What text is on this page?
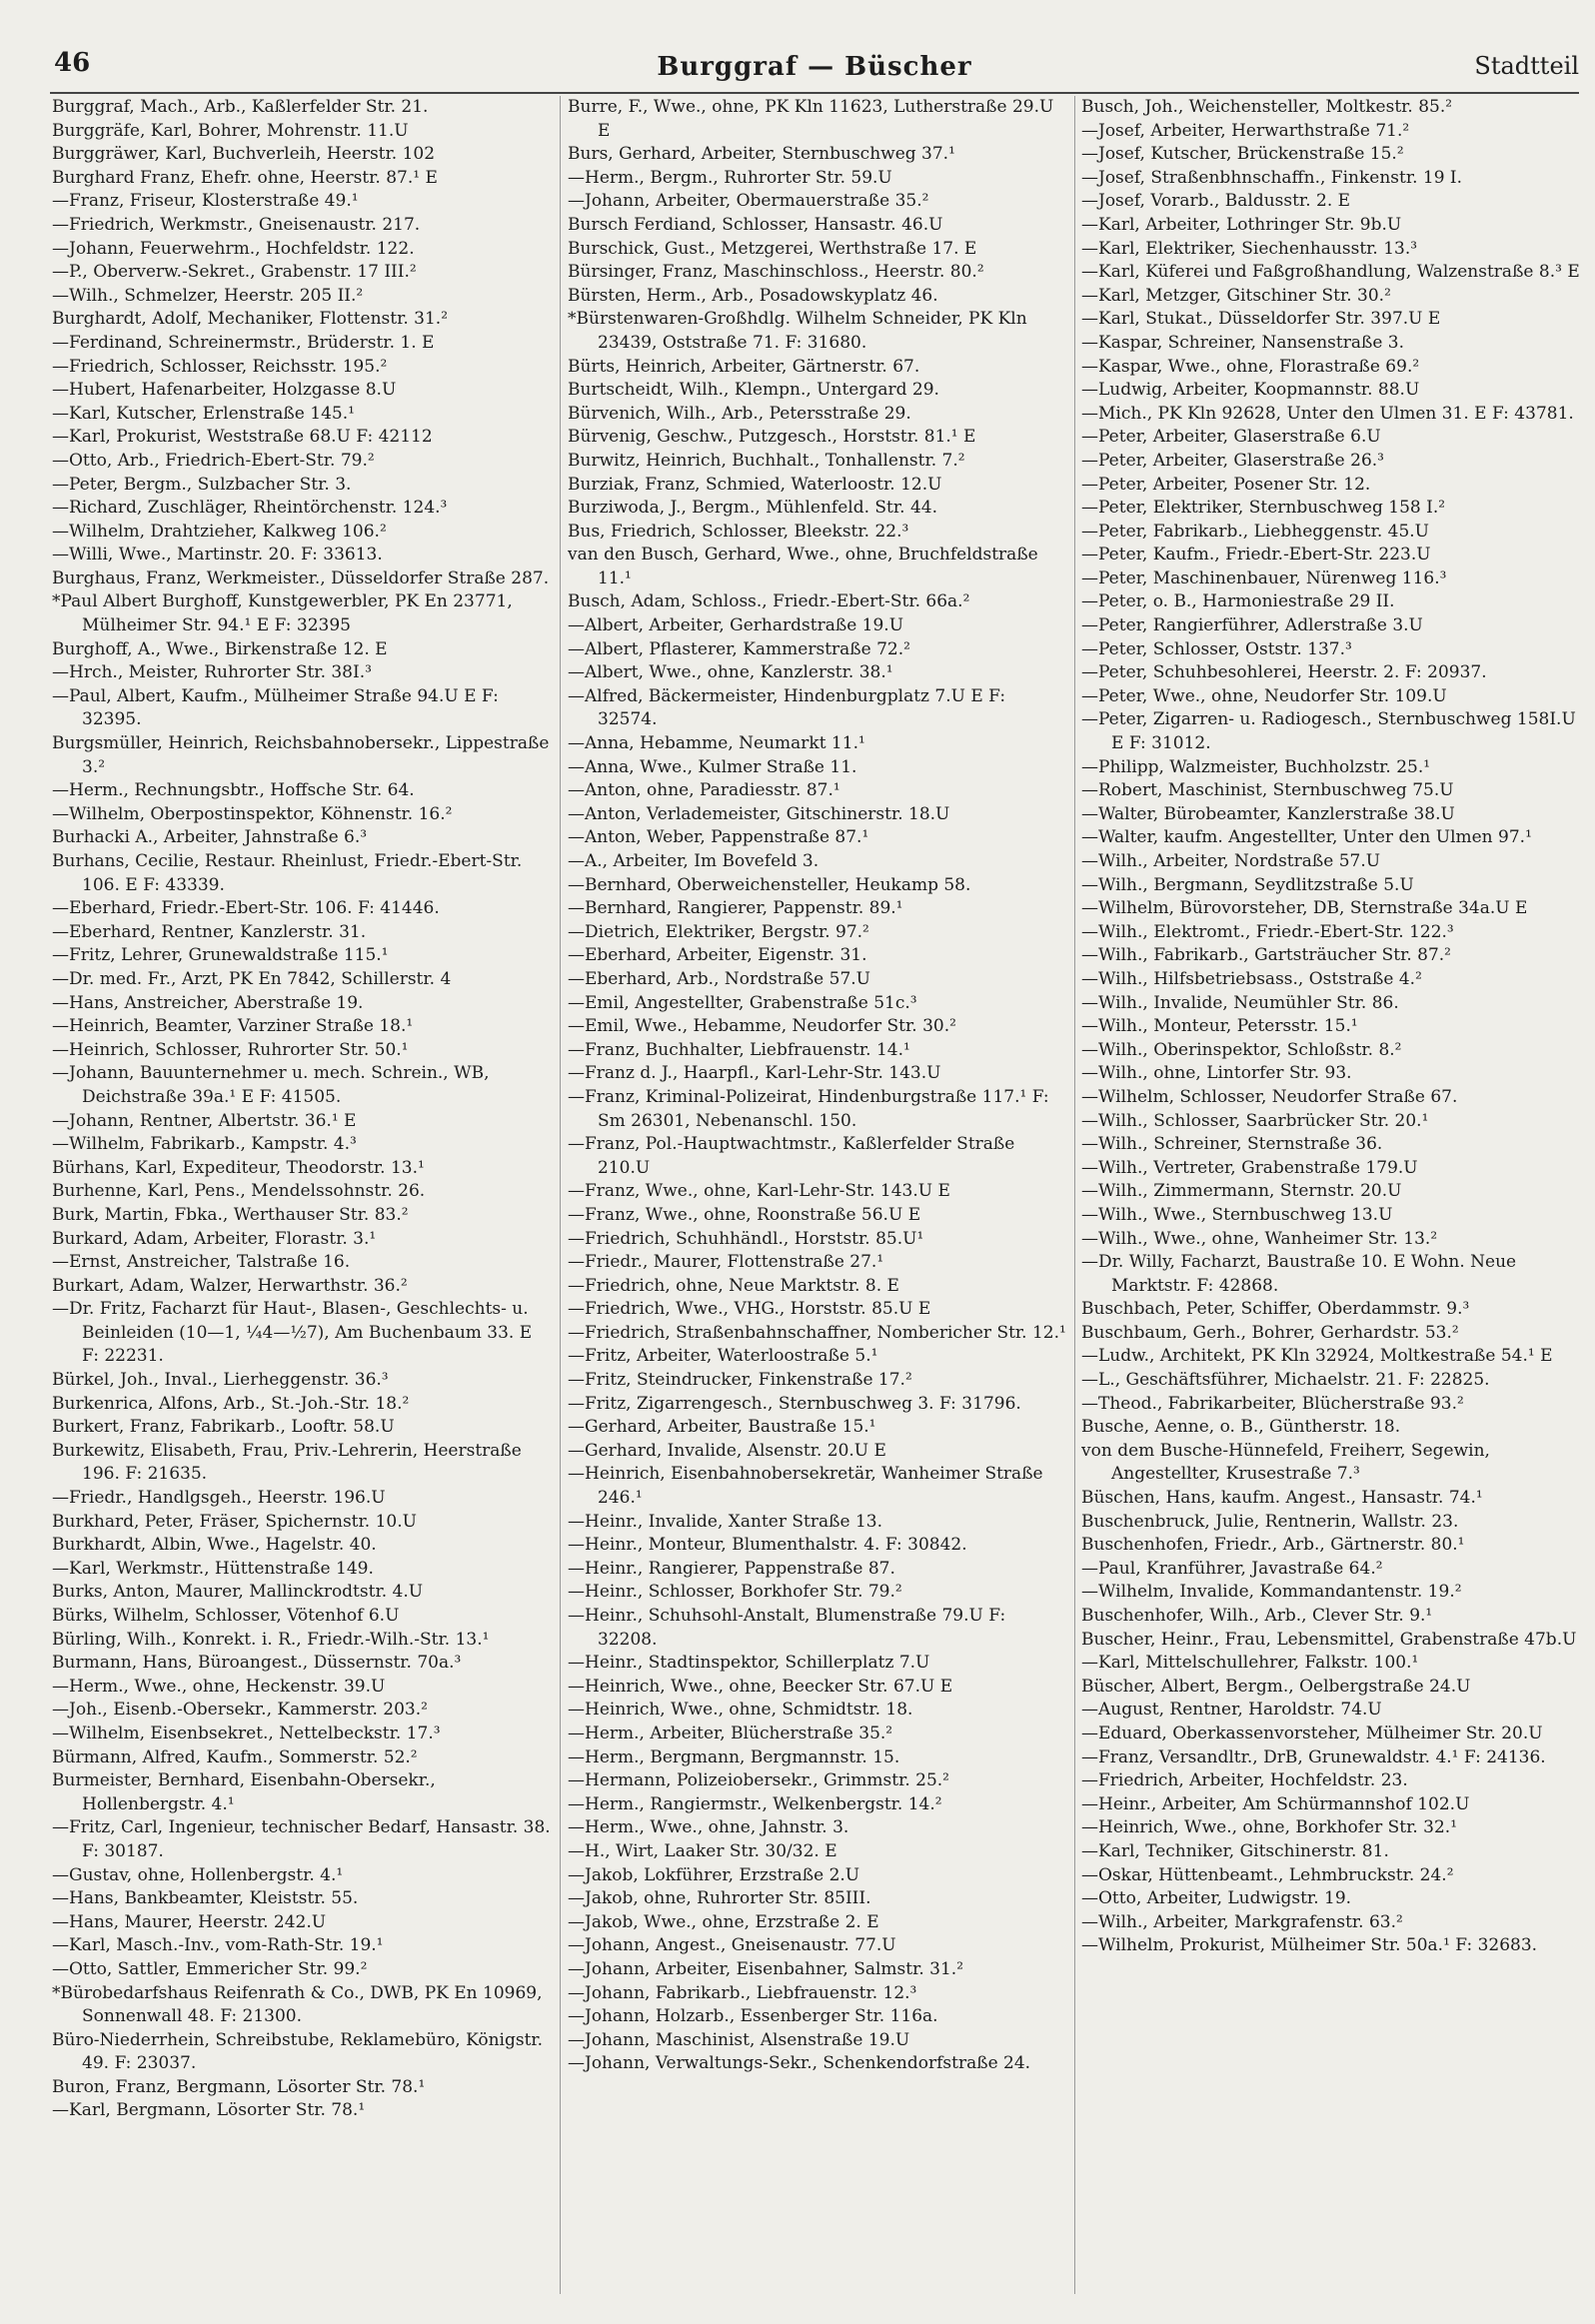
46	Burggraf — Büscher	Stadtteil

Burggraf, Mach., Arb., Kaßlerfelder Str. 21.

Burggräfe, Karl, Bohrer, Mohrenstr. 11.U

Burggräwer, Karl, Buchverleih, Heerstr. 102

Burghard Franz, Ehefr. ohne, Heerstr. 87.¹ E

—Franz, Friseur, Klosterstraße 49.¹

—Friedrich, Werkmstr., Gneisenaustr. 217.

—Johann, Feuerwehrm., Hochfeldstr. 122.

—P., Oberverw.-Sekret., Grabenstr. 17 III.²

—Wilh., Schmelzer, Heerstr. 205 II.²

Burghardt, Adolf, Mechaniker, Flottenstr. 31.²

—Ferdinand, Schreinermstr., Brüderstr. 1. E

—Friedrich, Schlosser, Reichsstr. 195.²

—Hubert, Hafenarbeiter, Holzgasse 8.U

—Karl, Kutscher, Erlenstraße 145.¹

—Karl, Prokurist, Weststraße 68.U F: 42112

—Otto, Arb., Friedrich-Ebert-Str. 79.²

—Peter, Bergm., Sulzbacher Str. 3.

—Richard, Zuschläger, Rheintörchenstr. 124.³

—Wilhelm, Drahtzieher, Kalkweg 106.²

—Willi, Wwe., Martinstr. 20. F: 33613.

Burghaus, Franz, Werkmeister., Düsseldorfer Straße 287.

*Paul Albert Burghoff, Kunstgewerbler, PK En 23771, Mülheimer Str. 94.¹ E F: 32395

Burghoff, A., Wwe., Birkenstraße 12. E

—Hrch., Meister, Ruhrorter Str. 38I.³

—Paul, Albert, Kaufm., Mülheimer Straße 94.U E F: 32395.

Burgsmüller, Heinrich, Reichsbahnobersekr., Lippestraße 3.²

—Herm., Rechnungsbtr., Hoffsche Str. 64.

—Wilhelm, Oberpostinspektor, Köhnenstr. 16.²

Burhacki A., Arbeiter, Jahnstraße 6.³

Burhans, Cecilie, Restaur. Rheinlust, Friedr.-Ebert-Str. 106. E F: 43339.

—Eberhard, Friedr.-Ebert-Str. 106. F: 41446.

—Eberhard, Rentner, Kanzlerstr. 31.

—Fritz, Lehrer, Grunewaldstraße 115.¹

—Dr. med. Fr., Arzt, PK En 7842, Schillerstr. 4

—Hans, Anstreicher, Aberstraße 19.

—Heinrich, Beamter, Varziner Straße 18.¹

—Heinrich, Schlosser, Ruhrorter Str. 50.¹

—Johann, Bauunternehmer u. mech. Schrein., WB, Deichstraße 39a.¹ E F: 41505.

—Johann, Rentner, Albertstr. 36.¹ E

—Wilhelm, Fabrikarb., Kampstr. 4.³

Bürhans, Karl, Expediteur, Theodorstr. 13.¹

Burhenne, Karl, Pens., Mendelssohnstr. 26.

Burk, Martin, Fbka., Werthauser Str. 83.²

Burkard, Adam, Arbeiter, Florastr. 3.¹

—Ernst, Anstreicher, Talstraße 16.

Burkart, Adam, Walzer, Herwarthstr. 36.²

—Dr. Fritz, Facharzt für Haut-, Blasen-, Geschlechts- u. Beinleiden (10—1, ¼4—½7), Am Buchenbaum 33. E F: 22231.

Bürkel, Joh., Inval., Lierheggenstr. 36.³

Burkenrica, Alfons, Arb., St.-Joh.-Str. 18.²

Burkert, Franz, Fabrikarb., Looftr. 58.U

Burkewitz, Elisabeth, Frau, Priv.-Lehrerin, Heerstraße 196. F: 21635.

—Friedr., Handlgsgeh., Heerstr. 196.U

Burkhard, Peter, Fräser, Spichernstr. 10.U

Burkhardt, Albin, Wwe., Hagelstr. 40.

—Karl, Werkmstr., Hüttenstraße 149.

Burks, Anton, Maurer, Mallinckrodtstr. 4.U

Bürks, Wilhelm, Schlosser, Vötenhof 6.U

Bürling, Wilh., Konrekt. i. R., Friedr.-Wilh.-Str. 13.¹

Burmann, Hans, Büroangest., Düssernstr. 70a.³

—Herm., Wwe., ohne, Heckenstr. 39.U

—Joh., Eisenb.-Obersekr., Kammerstr. 203.²

—Wilhelm, Eisenbsekret., Nettelbeckstr. 17.³

Bürmann, Alfred, Kaufm., Sommerstr. 52.²

Burmeister, Bernhard, Eisenbahn-Obersekr., Hollenbergstr. 4.¹

—Fritz, Carl, Ingenieur, technischer Bedarf, Hansastr. 38. F: 30187.

—Gustav, ohne, Hollenbergstr. 4.¹

—Hans, Bankbeamter, Kleiststr. 55.

—Hans, Maurer, Heerstr. 242.U

—Karl, Masch.-Inv., vom-Rath-Str. 19.¹

—Otto, Sattler, Emmericher Str. 99.²

*Bürobedarfshaus Reifenrath & Co., DWB, PK En 10969, Sonnenwall 48. F: 21300.

Büro-Niederrhein, Schreibstube, Reklamebüro, Königstr. 49. F: 23037.

Buron, Franz, Bergmann, Lösorter Str. 78.¹

—Karl, Bergmann, Lösorter Str. 78.¹

Burre, F., Wwe., ohne, PK Kln 11623, Lutherstraße 29.U E

Burs, Gerhard, Arbeiter, Sternbuschweg 37.¹

—Herm., Bergm., Ruhrorter Str. 59.U

—Johann, Arbeiter, Obermauerstraße 35.²

Bursch Ferdiand, Schlosser, Hansastr. 46.U

Burschick, Gust., Metzgerei, Werthstraße 17. E

Bürsinger, Franz, Maschinschloss., Heerstr. 80.²

Bürsten, Herm., Arb., Posadowskyplatz 46.

*Bürstenwaren-Großhdlg. Wilhelm Schneider, PK Kln 23439, Oststraße 71. F: 31680.

Bürts, Heinrich, Arbeiter, Gärtnerstr. 67.

Burtscheidt, Wilh., Klempn., Untergard 29.

Bürvenich, Wilh., Arb., Petersstraße 29.

Bürvenig, Geschw., Putzgesch., Horststr. 81.¹ E

Burwitz, Heinrich, Buchhalt., Tonhallenstr. 7.²

Burziak, Franz, Schmied, Waterloostr. 12.U

Burziwoda, J., Bergm., Mühlenfeld. Str. 44.

Bus, Friedrich, Schlosser, Bleekstr. 22.³

van den Busch, Gerhard, Wwe., ohne, Bruchfeldstraße 11.¹

Busch, Adam, Schloss., Friedr.-Ebert-Str. 66a.²

—Albert, Arbeiter, Gerhardstraße 19.U

—Albert, Pflasterer, Kammerstraße 72.²

—Albert, Wwe., ohne, Kanzlerstr. 38.¹

—Alfred, Bäckermeister, Hindenburgplatz 7.U E F: 32574.

—Anna, Hebamme, Neumarkt 11.¹

—Anna, Wwe., Kulmer Straße 11.

—Anton, ohne, Paradiesstr. 87.¹

—Anton, Verlademeister, Gitschinerstr. 18.U

—Anton, Weber, Pappenstraße 87.¹

—A., Arbeiter, Im Bovefeld 3.

—Bernhard, Oberweichensteller, Heukamp 58.

—Bernhard, Rangierer, Pappenstr. 89.¹

—Dietrich, Elektriker, Bergstr. 97.²

—Eberhard, Arbeiter, Eigenstr. 31.

—Eberhard, Arb., Nordstraße 57.U

—Emil, Angestellter, Grabenstraße 51c.³

—Emil, Wwe., Hebamme, Neudorfer Str. 30.²

—Franz, Buchhalter, Liebfrauenstr. 14.¹

—Franz d. J., Haarpfl., Karl-Lehr-Str. 143.U

—Franz, Kriminal-Polizeirat, Hindenburgstraße 117.¹ F: Sm 26301, Nebenanschl. 150.

—Franz, Pol.-Hauptwachtmstr., Kaßlerfelder Straße 210.U

—Franz, Wwe., ohne, Karl-Lehr-Str. 143.U E

—Franz, Wwe., ohne, Roonstraße 56.U E

—Friedrich, Schuhhändl., Horststr. 85.U¹

—Friedr., Maurer, Flottenstraße 27.¹

—Friedrich, ohne, Neue Marktstr. 8. E

—Friedrich, Wwe., VHG., Horststr. 85.U E

—Friedrich, Straßenbahnschaffner, Nombericher Str. 12.¹

—Fritz, Arbeiter, Waterloostraße 5.¹

—Fritz, Steindrucker, Finkenstraße 17.²

—Fritz, Zigarrengesch., Sternbuschweg 3. F: 31796.

—Gerhard, Arbeiter, Baustraße 15.¹

—Gerhard, Invalide, Alsenstr. 20.U E

—Heinrich, Eisenbahnobersekretär, Wanheimer Straße 246.¹

—Heinr., Invalide, Xanter Straße 13.

—Heinr., Monteur, Blumenthalstr. 4. F: 30842.

—Heinr., Rangierer, Pappenstraße 87.

—Heinr., Schlosser, Borkhofer Str. 79.²

—Heinr., Schuhsohl-Anstalt, Blumenstraße 79.U F: 32208.

—Heinr., Stadtinspektor, Schillerplatz 7.U

—Heinrich, Wwe., ohne, Beecker Str. 67.U E

—Heinrich, Wwe., ohne, Schmidtstr. 18.

—Herm., Arbeiter, Blücherstraße 35.²

—Herm., Bergmann, Bergmannstr. 15.

—Hermann, Polizeiobersekr., Grimmstr. 25.²

—Herm., Rangiermstr., Welkenbergstr. 14.²

—Herm., Wwe., ohne, Jahnstr. 3.

—H., Wirt, Laaker Str. 30/32. E

—Jakob, Lokführer, Erzstraße 2.U

—Jakob, ohne, Ruhrorter Str. 85III.

—Jakob, Wwe., ohne, Erzstraße 2. E

—Johann, Angest., Gneisenaustr. 77.U

—Johann, Arbeiter, Eisenbahner, Salmstr. 31.²

—Johann, Fabrikarb., Liebfrauenstr. 12.³

—Johann, Holzarb., Essenberger Str. 116a.

—Johann, Maschinist, Alsenstraße 19.U

—Johann, Verwaltungs-Sekr., Schenkendorfstraße 24.

Busch, Joh., Weichensteller, Moltkestr. 85.²

—Josef, Arbeiter, Herwarthstraße 71.²

—Josef, Kutscher, Brückenstraße 15.²

—Josef, Straßenbhnschaffn., Finkenstr. 19 I.

—Josef, Vorarb., Baldusstr. 2. E

—Karl, Arbeiter, Lothringer Str. 9b.U

—Karl, Elektriker, Siechenhausstr. 13.³

—Karl, Küferei und Faßgroßhandlung, Walzenstraße 8.³ E

—Karl, Metzger, Gitschiner Str. 30.²

—Karl, Stukat., Düsseldorfer Str. 397.U E

—Kaspar, Schreiner, Nansenstraße 3.

—Kaspar, Wwe., ohne, Florastraße 69.²

—Ludwig, Arbeiter, Koopmannstr. 88.U

—Mich., PK Kln 92628, Unter den Ulmen 31. E F: 43781.

—Peter, Arbeiter, Glaserstraße 6.U

—Peter, Arbeiter, Glaserstraße 26.³

—Peter, Arbeiter, Posener Str. 12.

—Peter, Elektriker, Sternbuschweg 158 I.²

—Peter, Fabrikarb., Liebheggenstr. 45.U

—Peter, Kaufm., Friedr.-Ebert-Str. 223.U

—Peter, Maschinenbauer, Nürenweg 116.³

—Peter, o. B., Harmoniestraße 29 II.

—Peter, Rangierführer, Adlerstraße 3.U

—Peter, Schlosser, Oststr. 137.³

—Peter, Schuhbesohlerei, Heerstr. 2. F: 20937.

—Peter, Wwe., ohne, Neudorfer Str. 109.U

—Peter, Zigarren- u. Radiogesch., Sternbuschweg 158I.U E F: 31012.

—Philipp, Walzmeister, Buchholzstr. 25.¹

—Robert, Maschinist, Sternbuschweg 75.U

—Walter, Bürobeamter, Kanzlerstraße 38.U

—Walter, kaufm. Angestellter, Unter den Ulmen 97.¹

—Wilh., Arbeiter, Nordstraße 57.U

—Wilh., Bergmann, Seydlitzstraße 5.U

—Wilhelm, Bürovorsteher, DB, Sternstraße 34a.U E

—Wilh., Elektromt., Friedr.-Ebert-Str. 122.³

—Wilh., Fabrikarb., Gartsträucher Str. 87.²

—Wilh., Hilfsbetriebsass., Oststraße 4.²

—Wilh., Invalide, Neumühler Str. 86.

—Wilh., Monteur, Petersstr. 15.¹

—Wilh., Oberinspektor, Schloßstr. 8.²

—Wilh., ohne, Lintorfer Str. 93.

—Wilhelm, Schlosser, Neudorfer Straße 67.

—Wilh., Schlosser, Saarbrücker Str. 20.¹

—Wilh., Schreiner, Sternstraße 36.

—Wilh., Vertreter, Grabenstraße 179.U

—Wilh., Zimmermann, Sternstr. 20.U

—Wilh., Wwe., Sternbuschweg 13.U

—Wilh., Wwe., ohne, Wanheimer Str. 13.²

—Dr. Willy, Facharzt, Baustraße 10. E Wohn. Neue Marktstr. F: 42868.

Buschbach, Peter, Schiffer, Oberdammstr. 9.³

Buschbaum, Gerh., Bohrer, Gerhardstr. 53.²

—Ludw., Architekt, PK Kln 32924, Moltkestraße 54.¹ E

—L., Geschäftsführer, Michaelstr. 21. F: 22825.

—Theod., Fabrikarbeiter, Blücherstraße 93.²

Busche, Aenne, o. B., Güntherstr. 18.

von dem Busche-Hünnefeld, Freiherr, Segewin, Angestellter, Krusestraße 7.³

Büschen, Hans, kaufm. Angest., Hansastr. 74.¹

Buschenbruck, Julie, Rentnerin, Wallstr. 23.

Buschenhofen, Friedr., Arb., Gärtnerstr. 80.¹

—Paul, Kranführer, Javastraße 64.²

—Wilhelm, Invalide, Kommandantenstr. 19.²

Buschenhofer, Wilh., Arb., Clever Str. 9.¹

Buscher, Heinr., Frau, Lebensmittel, Grabenstraße 47b.U

—Karl, Mittelschullehrer, Falkstr. 100.¹

Büscher, Albert, Bergm., Oelbergstraße 24.U

—August, Rentner, Haroldstr. 74.U

—Eduard, Oberkassenvorsteher, Mülheimer Str. 20.U

—Franz, Versandltr., DrB, Grunewaldstr. 4.¹ F: 24136.

—Friedrich, Arbeiter, Hochfeldstr. 23.

—Heinr., Arbeiter, Am Schürmannshof 102.U

—Heinrich, Wwe., ohne, Borkhofer Str. 32.¹

—Karl, Techniker, Gitschinerstr. 81.

—Oskar, Hüttenbeamt., Lehmbruckstr. 24.²

—Otto, Arbeiter, Ludwigstr. 19.

—Wilh., Arbeiter, Markgrafenstr. 63.²

—Wilhelm, Prokurist, Mülheimer Str. 50a.¹ F: 32683.
